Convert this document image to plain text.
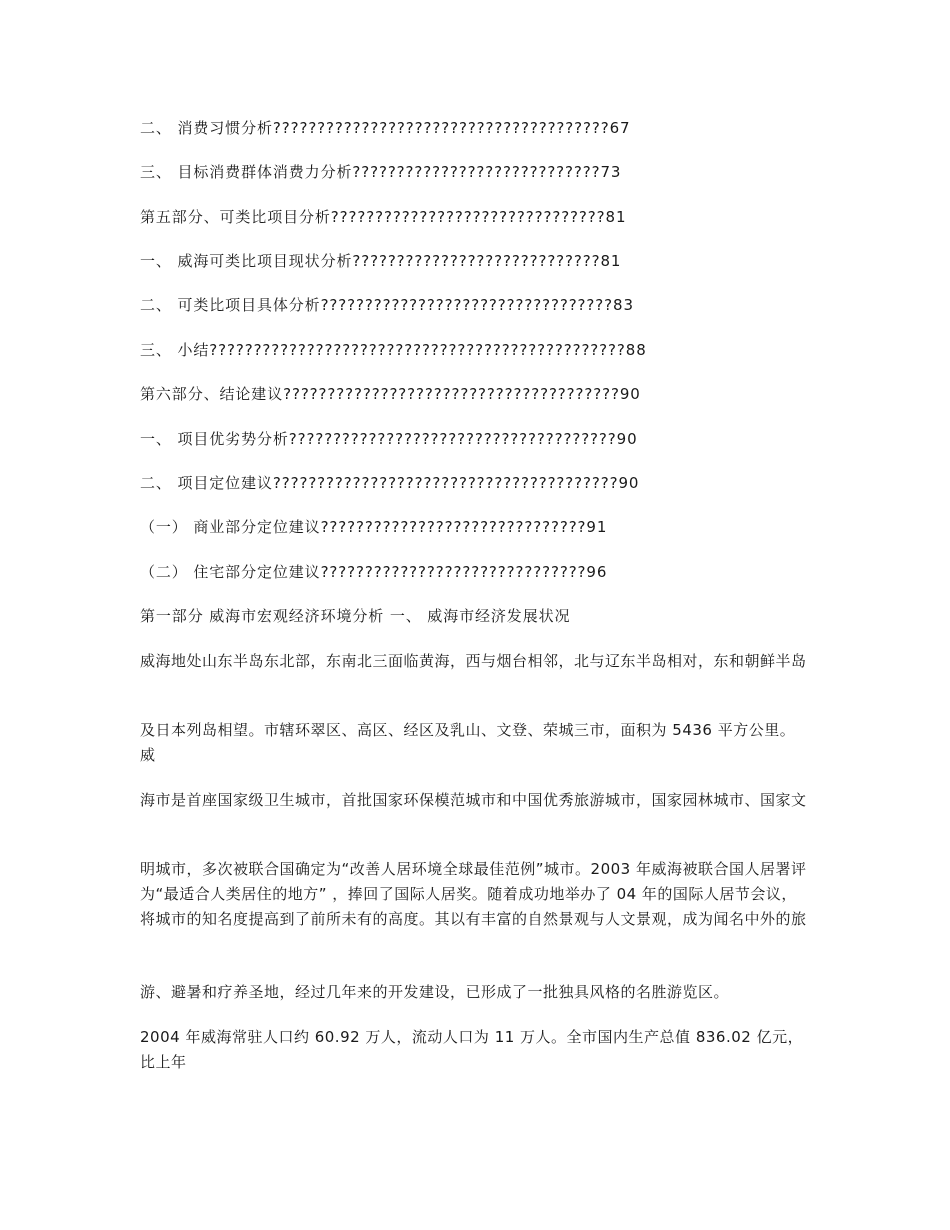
二、 消费习惯分析??????????????????????????????????????67
三、 目标消费群体消费力分析????????????????????????????73
第五部分、可类比项目分析???????????????????????????????81
一、 威海可类比项目现状分析????????????????????????????81
二、 可类比项目具体分析?????????????????????????????????83
三、 小结???????????????????????????????????????????????88
第六部分、结论建议??????????????????????????????????????90
一、 项目优劣势分析?????????????????????????????????????90
二、 项目定位建议???????????????????????????????????????90
（一） 商业部分定位建议??????????????????????????????91
（二） 住宅部分定位建议??????????????????????????????96
第一部分 威海市宏观经济环境分析 一、 威海市经济发展状况
威海地处山东半岛东北部，东南北三面临黄海，西与烟台相邻，北与辽东半岛相对，东和朝鲜半岛
及日本列岛相望。市辖环翠区、高区、经区及乳山、文登、荣城三市，面积为 5436 平方公里。威
海市是首座国家级卫生城市，首批国家环保模范城市和中国优秀旅游城市，国家园林城市、国家文
明城市，多次被联合国确定为“改善人居环境全球最佳范例”城市。2003 年威海被联合国人居署评为“最适合人类居住的地方” ，捧回了国际人居奖。随着成功地举办了 04 年的国际人居节会议，将城市的知名度提高到了前所未有的高度。其以有丰富的自然景观与人文景观，成为闻名中外的旅
游、避暑和疗养圣地，经过几年来的开发建设，已形成了一批独具风格的名胜游览区。
2004 年威海常驻人口约 60.92 万人，流动人口为 11 万人。全市国内生产总值 836.02 亿元，比上年
